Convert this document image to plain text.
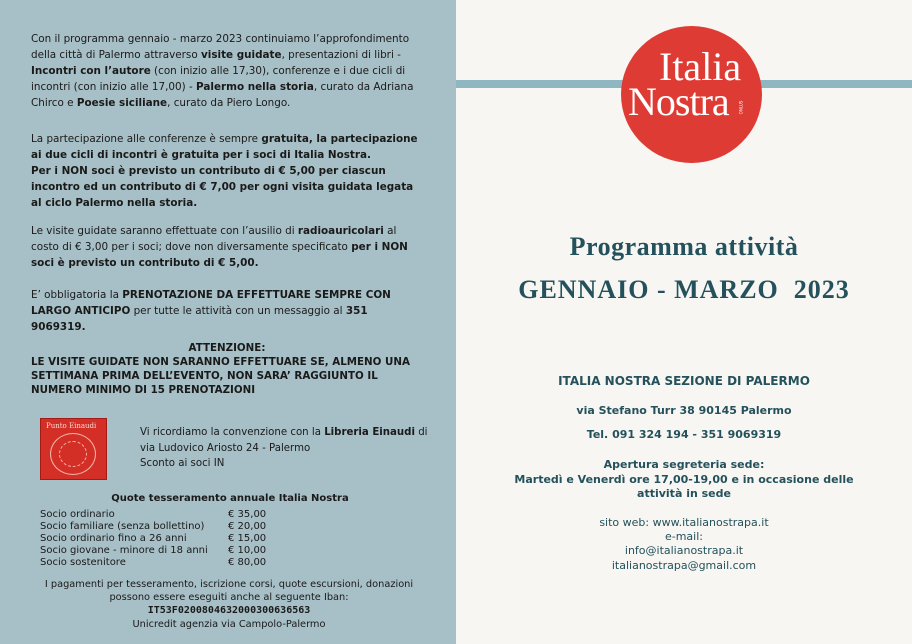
Con il programma gennaio - marzo 2023 continuiamo l’approfondimento della città di Palermo attraverso visite guidate, presentazioni di libri - Incontri con l’autore (con inizio alle 17,30), conferenze e i due cicli di incontri (con inizio alle 17,00) - Palermo nella storia, curato da Adriana Chirco e Poesie siciliane, curato da Piero Longo.
La partecipazione alle conferenze è sempre gratuita, la partecipazione ai due cicli di incontri è gratuita per i soci di Italia Nostra.
Per i NON soci è previsto un contributo di € 5,00 per ciascun incontro ed un contributo di € 7,00 per ogni visita guidata legata al ciclo Palermo nella storia.
Le visite guidate saranno effettuate con l’ausilio di radioauricolari al costo di € 3,00 per i soci; dove non diversamente specificato per i NON soci è previsto un contributo di € 5,00.
E’ obbligatoria la PRENOTAZIONE DA EFFETTUARE SEMPRE CON LARGO ANTICIPO per tutte le attività con un messaggio al 351 9069319.
ATTENZIONE:
LE VISITE GUIDATE NON SARANNO EFFETTUARE SE, ALMENO UNA SETTIMANA PRIMA DELL’EVENTO, NON SARA’ RAGGIUNTO IL NUMERO MINIMO DI 15 PRENOTAZIONI
Punto Einaudi
Vi ricordiamo la convenzione con la Libreria Einaudi di via Ludovico Ariosto 24 - Palermo
Sconto ai soci IN
Quote tesseramento annuale Italia Nostra
Socio ordinario	€ 35,00
Socio familiare (senza bollettino) € 20,00
Socio ordinario fino a 26 anni	€ 15,00
Socio giovane - minore di 18 anni € 10,00
Socio sostenitore	€ 80,00
I pagamenti per tesseramento, iscrizione corsi, quote escursioni, donazioni possono essere eseguiti anche al seguente Iban:
IT53F0200804632000300636563
Unicredit agenzia via Campolo-Palermo
Italia
Nostra ONLUS
Programma attività
GENNAIO - MARZO  2023
ITALIA NOSTRA SEZIONE DI PALERMO
via Stefano Turr 38 90145 Palermo
Tel. 091 324 194 - 351 9069319
Apertura segreteria sede:
Martedì e Venerdì ore 17,00-19,00 e in occasione delle attività in sede
sito web: www.italianostrapa.it
e-mail:
info@italianostrapa.it
italianostrapa@gmail.com
